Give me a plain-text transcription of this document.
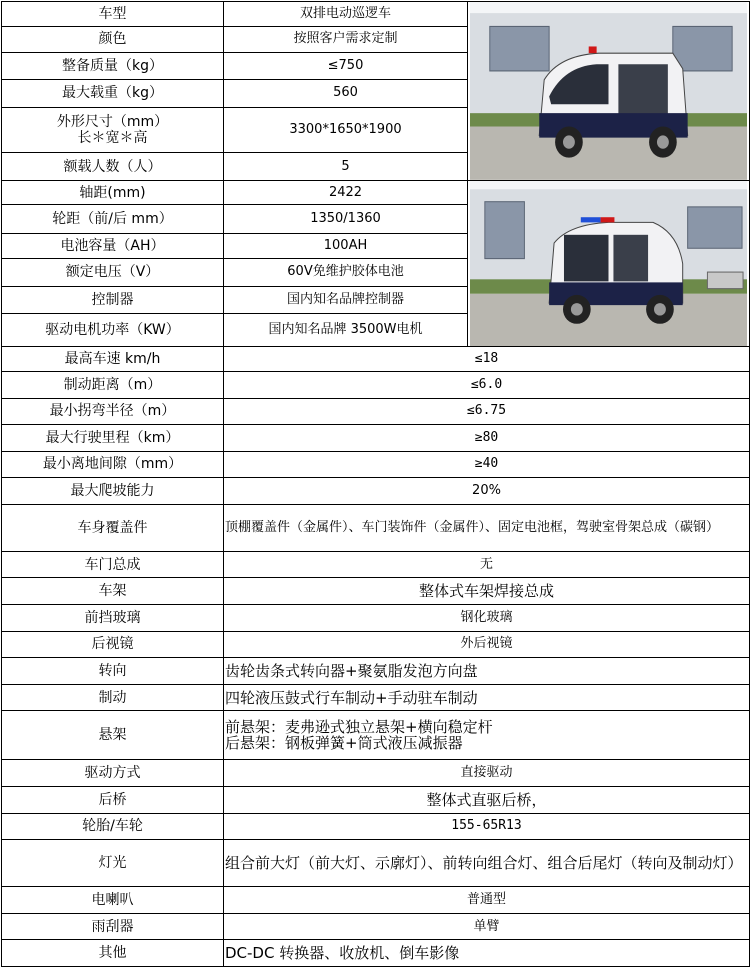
车型	双排电动巡逻车	

颜色	按照客户需求定制	
整备质量（kg）	≤750	
最大载重（kg）	560	

外形尺寸（mm）
长＊宽＊高	3300*1650*1900	
额载人数（人）	5	
轴距(mm)	2422	

轮距（前/后 mm）	1350/1360	
电池容量（AH）	100AH	
额定电压（V）	60V免维护胶体电池	
控制器	国内知名品牌控制器	
驱动电机功率（KW）	国内知名品牌 3500W电机	
最高车速 km/h	≤18	
制动距离（m）	≤6.0	
最小拐弯半径（m）	≤6.75	
最大行驶里程（km）	≥80	
最小离地间隙（mm）	≥40	
最大爬坡能力	20%	
车身覆盖件	顶棚覆盖件（金属件）、车门装饰件（金属件）、固定电池框，驾驶室骨架总成（碳钢）	
车门总成	无	
车架	整体式车架焊接总成	
前挡玻璃	钢化玻璃	
后视镜	外后视镜	
转向	齿轮齿条式转向器+聚氨脂发泡方向盘	
制动	四轮液压鼓式行车制动+手动驻车制动	
悬架	前悬架：麦弗逊式独立悬架+横向稳定杆
后悬架：钢板弹簧+筒式液压减振器	

驱动方式	直接驱动	
后桥	整体式直驱后桥，	
轮胎/车轮	155-65R13	
灯光	组合前大灯（前大灯、示廓灯）、前转向组合灯、组合后尾灯（转向及制动灯）	
电喇叭	普通型	
雨刮器	单臂	
其他	DC-DC 转换器、收放机、倒车影像	
